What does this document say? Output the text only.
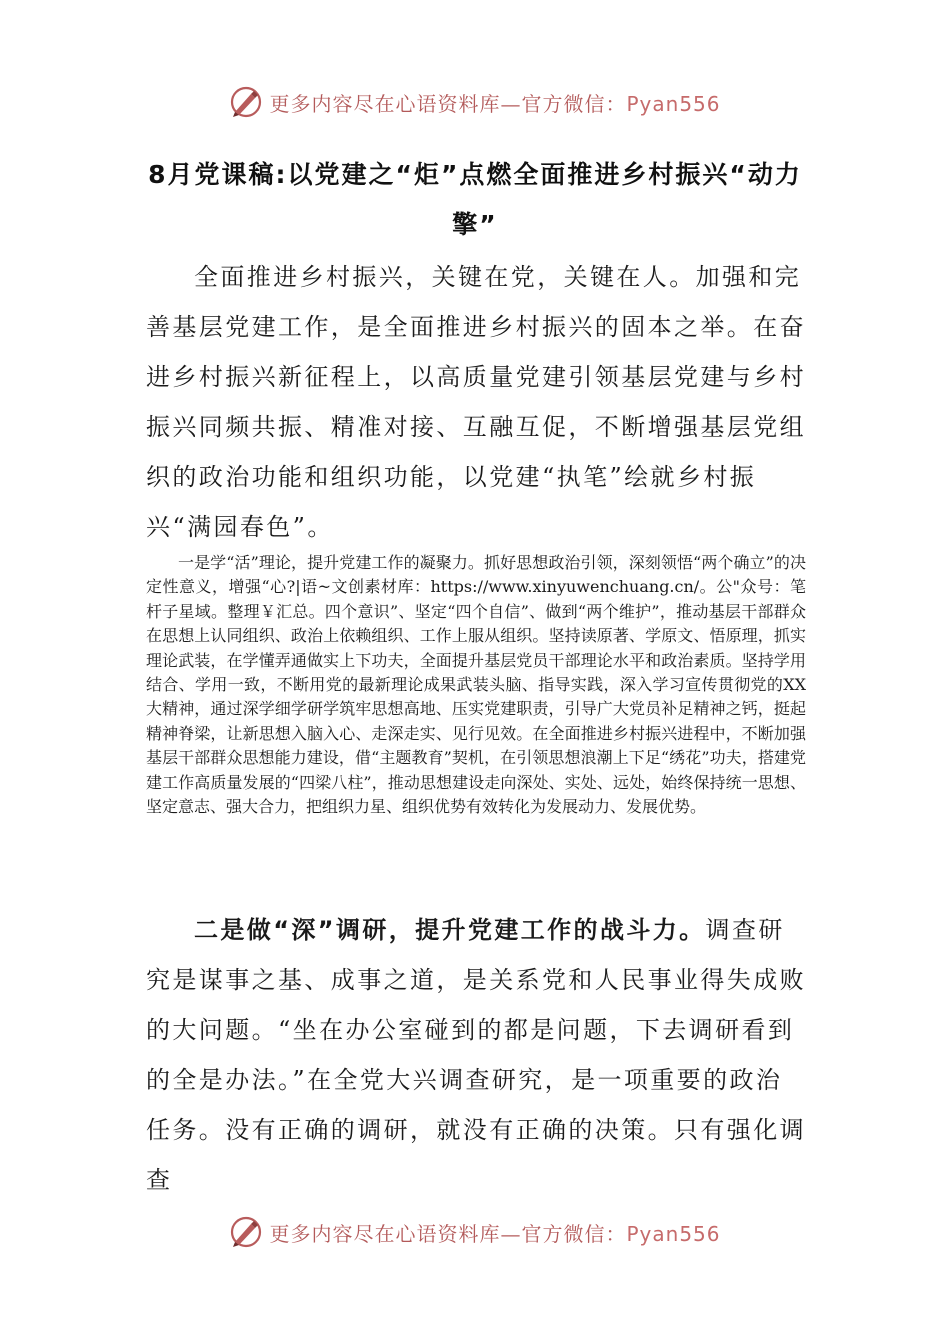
更多内容尽在心语资料库—官方微信：Pyan556
8月党课稿:以党建之“炬”点燃全面推进乡村振兴“动力擎”

全面推进乡村振兴，关键在党，关键在人。加强和完善基层党建工作，是全面推进乡村振兴的固本之举。在奋进乡村振兴新征程上，以高质量党建引领基层党建与乡村振兴同频共振、精准对接、互融互促，不断增强基层党组织的政治功能和组织功能，以党建“执笔”绘就乡村振兴“满园春色”。

一是学“活”理论，提升党建工作的凝聚力。抓好思想政治引领，深刻领悟“两个确立”的决定性意义，增强“心?|语~文创素材库：https://www.xinyuwenchuang.cn/。公"众号：笔杆子星域。整理￥汇总。四个意识”、坚定“四个自信”、做到“两个维护”，推动基层干部群众在思想上认同组织、政治上依赖组织、工作上服从组织。坚持读原著、学原文、悟原理，抓实理论武装，在学懂弄通做实上下功夫，全面提升基层党员干部理论水平和政治素质。坚持学用结合、学用一致，不断用党的最新理论成果武装头脑、指导实践，深入学习宣传贯彻党的XX大精神，通过深学细学研学筑牢思想高地、压实党建职责，引导广大党员补足精神之钙，挺起精神脊梁，让新思想入脑入心、走深走实、见行见效。在全面推进乡村振兴进程中，不断加强基层干部群众思想能力建设，借“主题教育”契机，在引领思想浪潮上下足“绣花”功夫，搭建党建工作高质量发展的“四梁八柱”，推动思想建设走向深处、实处、远处，始终保持统一思想、坚定意志、强大合力，把组织力星、组织优势有效转化为发展动力、发展优势。

二是做“深”调研，提升党建工作的战斗力。调查研究是谋事之基、成事之道，是关系党和人民事业得失成败的大问题。“坐在办公室碰到的都是问题，下去调研看到的全是办法。”在全党大兴调查研究，是一项重要的政治任务。没有正确的调研，就没有正确的决策。只有强化调查

更多内容尽在心语资料库—官方微信：Pyan556
